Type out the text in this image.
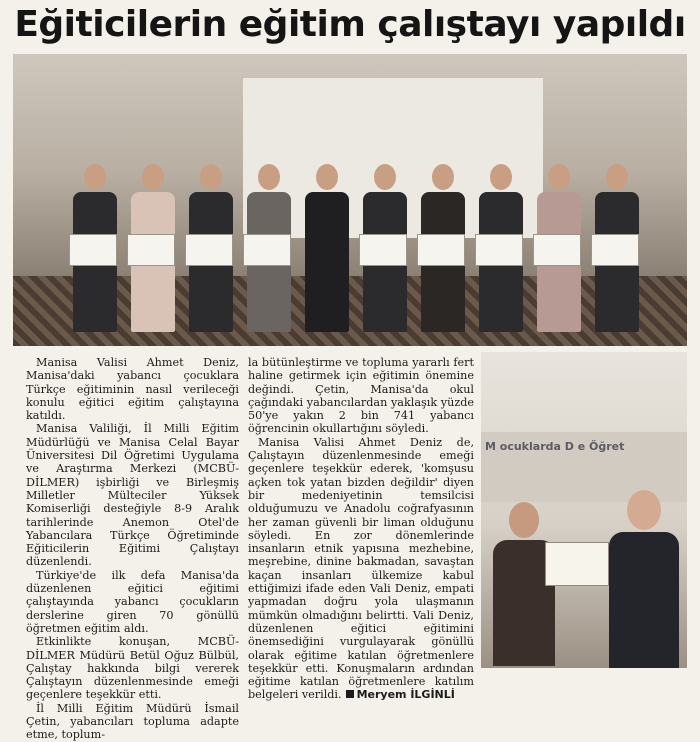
Eğiticilerin eğitim çalıştayı yapıldı

Manisa Valisi Ahmet Deniz, Manisa'daki yabancı çocuklara Türkçe eğitiminin nasıl verileceği konulu eğitici eğitim çalıştayına katıldı.

Manisa Valiliği, İl Milli Eğitim Müdürlüğü ve Manisa Celal Bayar Üniversitesi Dil Öğretimi Uygulama ve Araştırma Merkezi (MCBÜ-DİLMER) işbirliği ve Birleşmiş Milletler Mülteciler Yüksek Komiserliği desteğiyle 8-9 Aralık tarihlerinde Anemon Otel'de Yabancılara Türkçe Öğretiminde Eğiticilerin Eğitimi Çalıştayı düzenlendi.

Türkiye'de ilk defa Manisa'da düzenlenen eğitici eğitimi çalıştayında yabancı çocukların derslerine giren 70 gönüllü öğretmen eğitim aldı.

Etkinlikte konuşan, MCBÜ-DİLMER Müdürü Betül Oğuz Bülbül, Çalıştay hakkında bilgi vererek Çalıştayın düzenlenmesinde emeği geçenlere teşekkür etti.

İl Milli Eğitim Müdürü İsmail Çetin, yabancıları topluma adapte etme, toplum-

la bütünleştirme ve topluma yararlı fert haline getirmek için eğitimin önemine değindi. Çetin, Manisa'da okul çağındaki yabancılardan yaklaşık yüzde 50'ye yakın 2 bin 741 yabancı öğrencinin okullartığını söyledi.

Manisa Valisi Ahmet Deniz de, Çalıştayın düzenlenmesinde emeği geçenlere teşekkür ederek, 'komşusu açken tok yatan bizden değildir' diyen bir medeniyetinin temsilcisi olduğumuzu ve Anadolu coğrafyasının her zaman güvenli bir liman olduğunu söyledi. En zor dönemlerinde insanların etnik yapısına mezhebine, meşrebine, dinine bakmadan, savaştan kaçan insanları ülkemize kabul ettiğimizi ifade eden Vali Deniz, empati yapmadan doğru yola ulaşmanın mümkün olmadığını belirtti. Vali Deniz, düzenlenen eğitici eğitimini önemsediğini vurgulayarak gönüllü olarak eğitime katılan öğretmenlere teşekkür etti. Konuşmaların ardından eğitime katılan öğretmenlere katılım belgeleri verildi. Meryem İLGİNLİ

M ocuklarda D e Öğret
